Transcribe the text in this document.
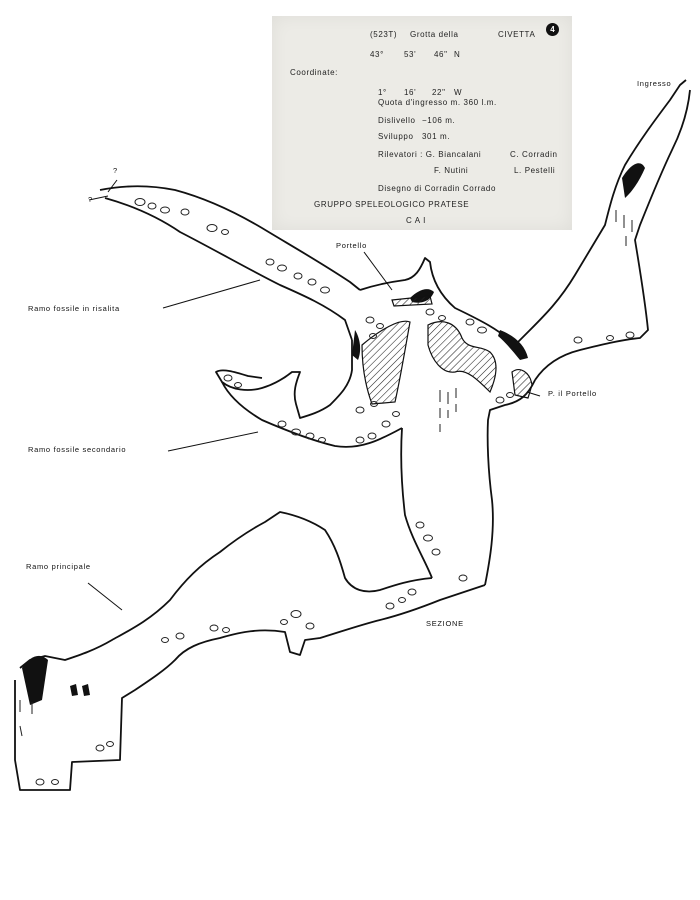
(523T) Grotta della	CIVETTA
4
43°	53' 46" N
Coordinate:
1° 16' 22" W
Quota d'ingresso m. 360 l.m.
Dislivello −106 m.
Sviluppo 301 m.
Rilevatori : G. Biancalani	C. Corradin
F. Nutini	L. Pestelli
Disegno di Corradin Corrado
GRUPPO SPELEOLOGICO PRATESE
C A I
Ingresso
Portello
P. il Portello
Ramo fossile in risalita
Ramo fossile secondario
Ramo principale
SEZIONE
?
?
